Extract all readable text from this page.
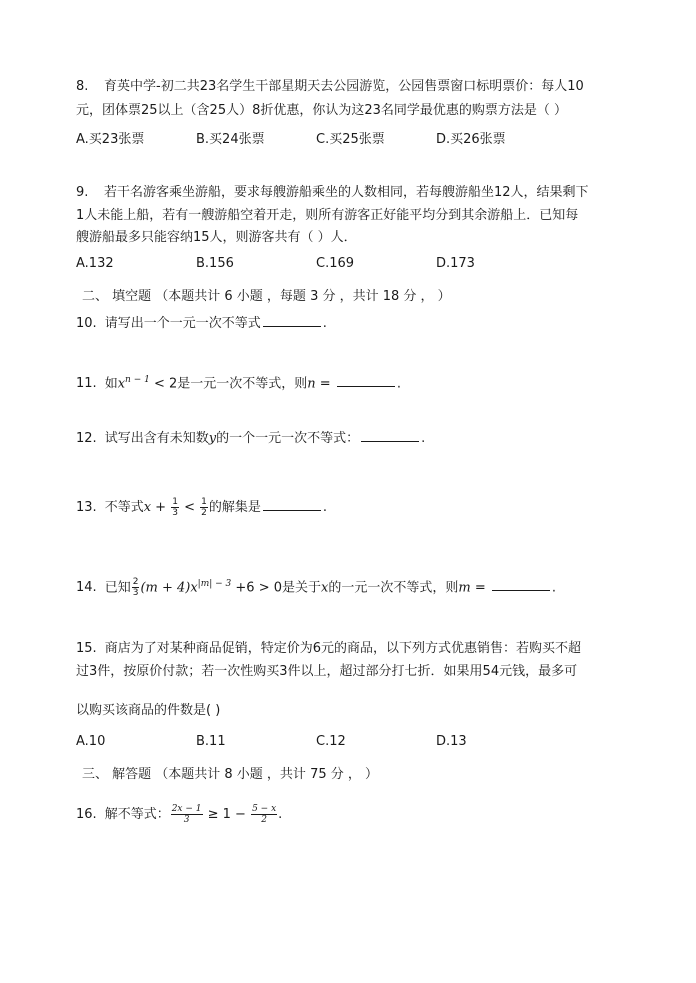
8. 育英中学-初二共23名学生干部星期天去公园游览，公园售票窗口标明票价：每人10
元，团体票25以上（含25人）8折优惠，你认为这23名同学最优惠的购票方法是（ ）
A.买23张票	B.买24张票	C.买25张票	D.买26张票
9. 若干名游客乘坐游船，要求每艘游船乘坐的人数相同，若每艘游船坐12人，结果剩下
1人未能上船，若有一艘游船空着开走，则所有游客正好能平均分到其余游船上．已知每
艘游船最多只能容纳15人，则游客共有（ ）人．
A.132	B.156	C.169	D.173
二、 填空题 （本题共计 6 小题 ，每题 3 分 ，共计 18 分 ， ）
10. 请写出一个一元一次不等式	.
11. 如$x^{n - 1} < 2$是一元一次不等式，则n =	.
12. 试写出含有未知数y的一个一元一次不等式：	.
13. 不等式$x + \frac{1}{3} < \frac{1}{2}$ 的解集是	.
14. 已知 $\frac{2}{3} (m + 4)x^{|m| - 3} +6 > 0$是关于x的一元一次不等式，则m =	.
15. 商店为了对某种商品促销，特定价为6元的商品，以下列方式优惠销售：若购买不超
过3件，按原价付款；若一次性购买3件以上，超过部分打七折．如果用54元钱，最多可
以购买该商品的件数是( )
A.10	B.11	C.12	D.13
三、 解答题 （本题共计 8 小题 ，共计 75 分 ， ）
16. 解不等式： $\frac{2x - 1}{3} \ge 1 - \frac{5 - x}{2}$ .
